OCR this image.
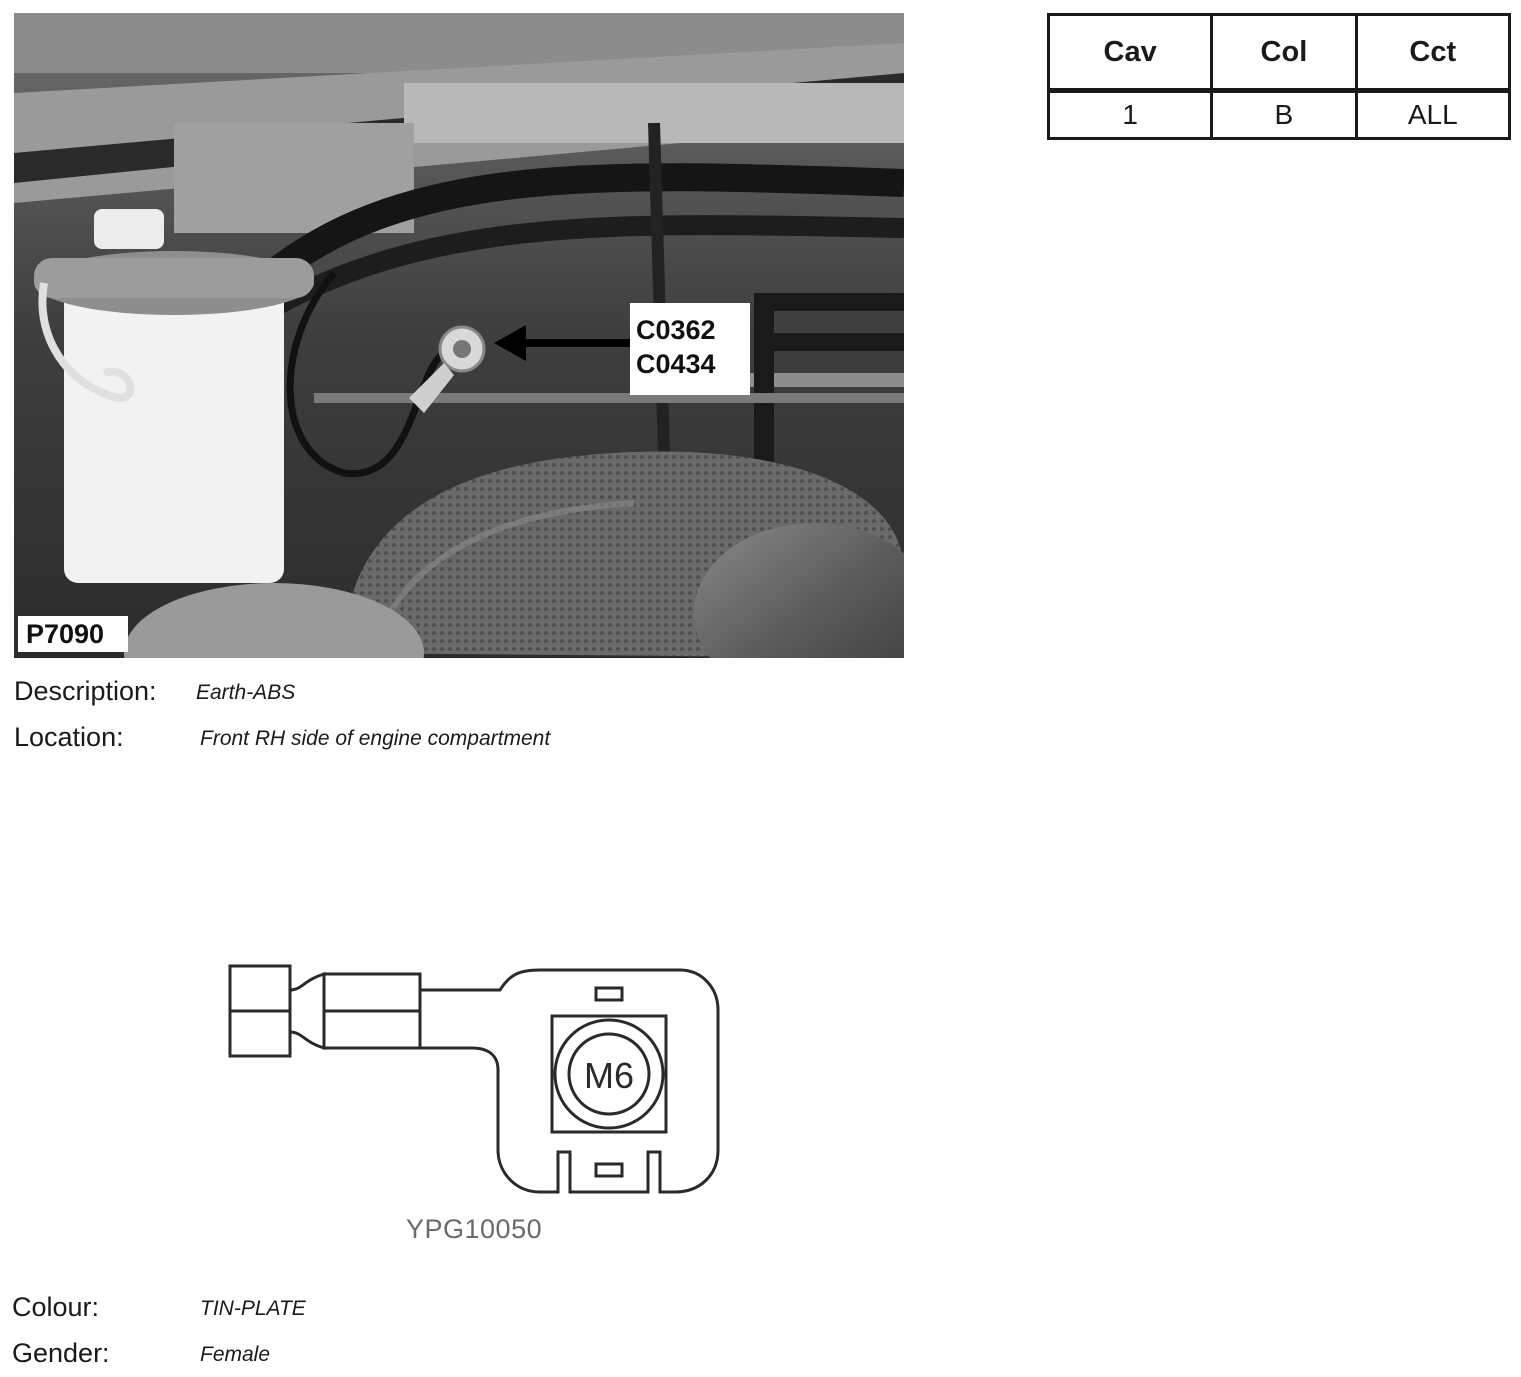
C0362
C0434
P7090
Cav	Col	Cct
1	B	ALL
Description: Earth-ABS
Location:	Front RH side of engine compartment
M6
YPG10050
Colour:	TIN-PLATE
Gender:	Female
